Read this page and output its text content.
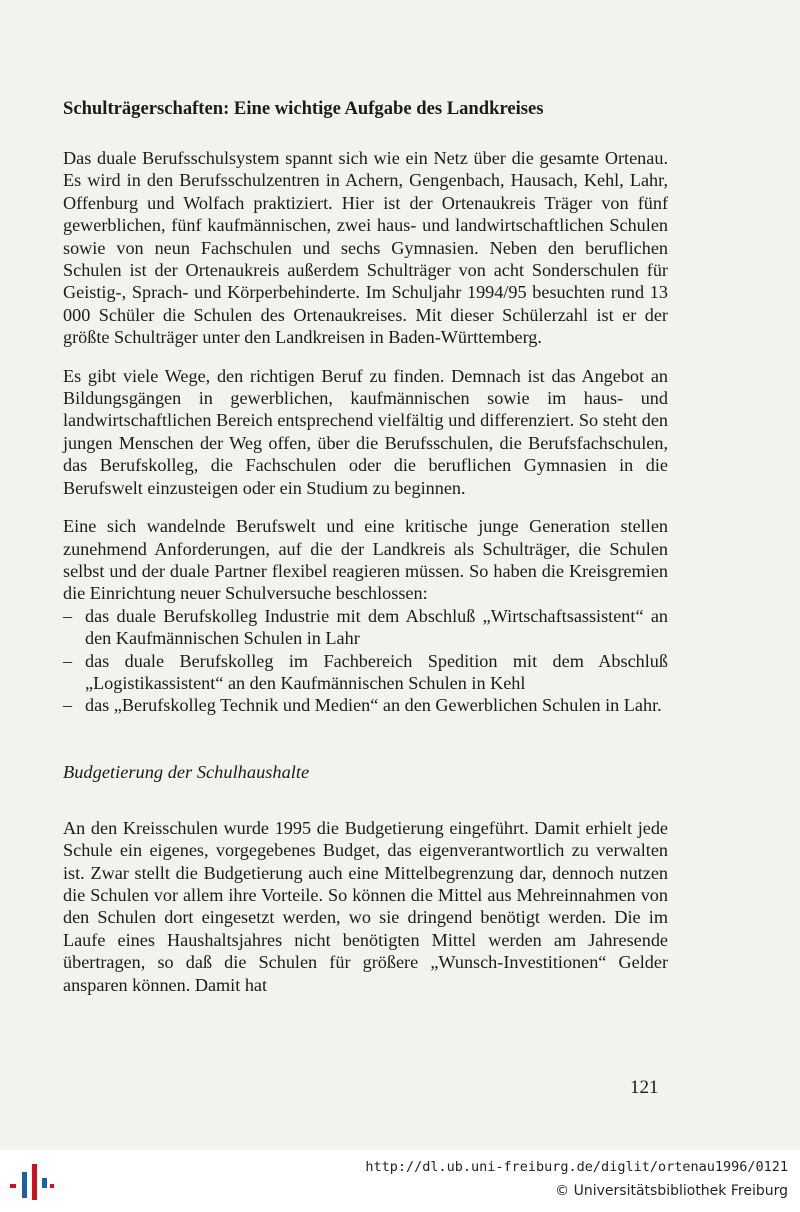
Schulträgerschaften: Eine wichtige Aufgabe des Landkreises

Das duale Berufsschulsystem spannt sich wie ein Netz über die gesamte Ortenau. Es wird in den Berufsschulzentren in Achern, Gengenbach, Hausach, Kehl, Lahr, Offenburg und Wolfach praktiziert. Hier ist der Ortenaukreis Träger von fünf gewerblichen, fünf kaufmännischen, zwei haus- und landwirtschaftlichen Schulen sowie von neun Fachschulen und sechs Gymnasien. Neben den beruflichen Schulen ist der Ortenaukreis außerdem Schulträger von acht Sonderschulen für Geistig-, Sprach- und Körperbehinderte. Im Schuljahr 1994/95 besuchten rund 13 000 Schüler die Schulen des Ortenaukreises. Mit dieser Schülerzahl ist er der größte Schulträger unter den Landkreisen in Baden-Württemberg.

Es gibt viele Wege, den richtigen Beruf zu finden. Demnach ist das Angebot an Bildungsgängen in gewerblichen, kaufmännischen sowie im haus- und landwirtschaftlichen Bereich entsprechend vielfältig und differenziert. So steht den jungen Menschen der Weg offen, über die Berufsschulen, die Berufsfachschulen, das Berufskolleg, die Fachschulen oder die beruflichen Gymnasien in die Berufswelt einzusteigen oder ein Studium zu beginnen.

Eine sich wandelnde Berufswelt und eine kritische junge Generation stellen zunehmend Anforderungen, auf die der Landkreis als Schulträger, die Schulen selbst und der duale Partner flexibel reagieren müssen. So haben die Kreisgremien die Einrichtung neuer Schulversuche beschlossen:

– das duale Berufskolleg Industrie mit dem Abschluß „Wirtschaftsassistent“ an den Kaufmännischen Schulen in Lahr
– das duale Berufskolleg im Fachbereich Spedition mit dem Abschluß „Logistikassistent“ an den Kaufmännischen Schulen in Kehl
– das „Berufskolleg Technik und Medien“ an den Gewerblichen Schulen in Lahr.
Budgetierung der Schulhaushalte

An den Kreisschulen wurde 1995 die Budgetierung eingeführt. Damit erhielt jede Schule ein eigenes, vorgegebenes Budget, das eigenverantwortlich zu verwalten ist. Zwar stellt die Budgetierung auch eine Mittelbegrenzung dar, dennoch nutzen die Schulen vor allem ihre Vorteile. So können die Mittel aus Mehreinnahmen von den Schulen dort eingesetzt werden, wo sie dringend benötigt werden. Die im Laufe eines Haushaltsjahres nicht benötigten Mittel werden am Jahresende übertragen, so daß die Schulen für größere „Wunsch-Investitionen“ Gelder ansparen können. Damit hat

121
http://dl.ub.uni-freiburg.de/diglit/ortenau1996/0121
© Universitätsbibliothek Freiburg
